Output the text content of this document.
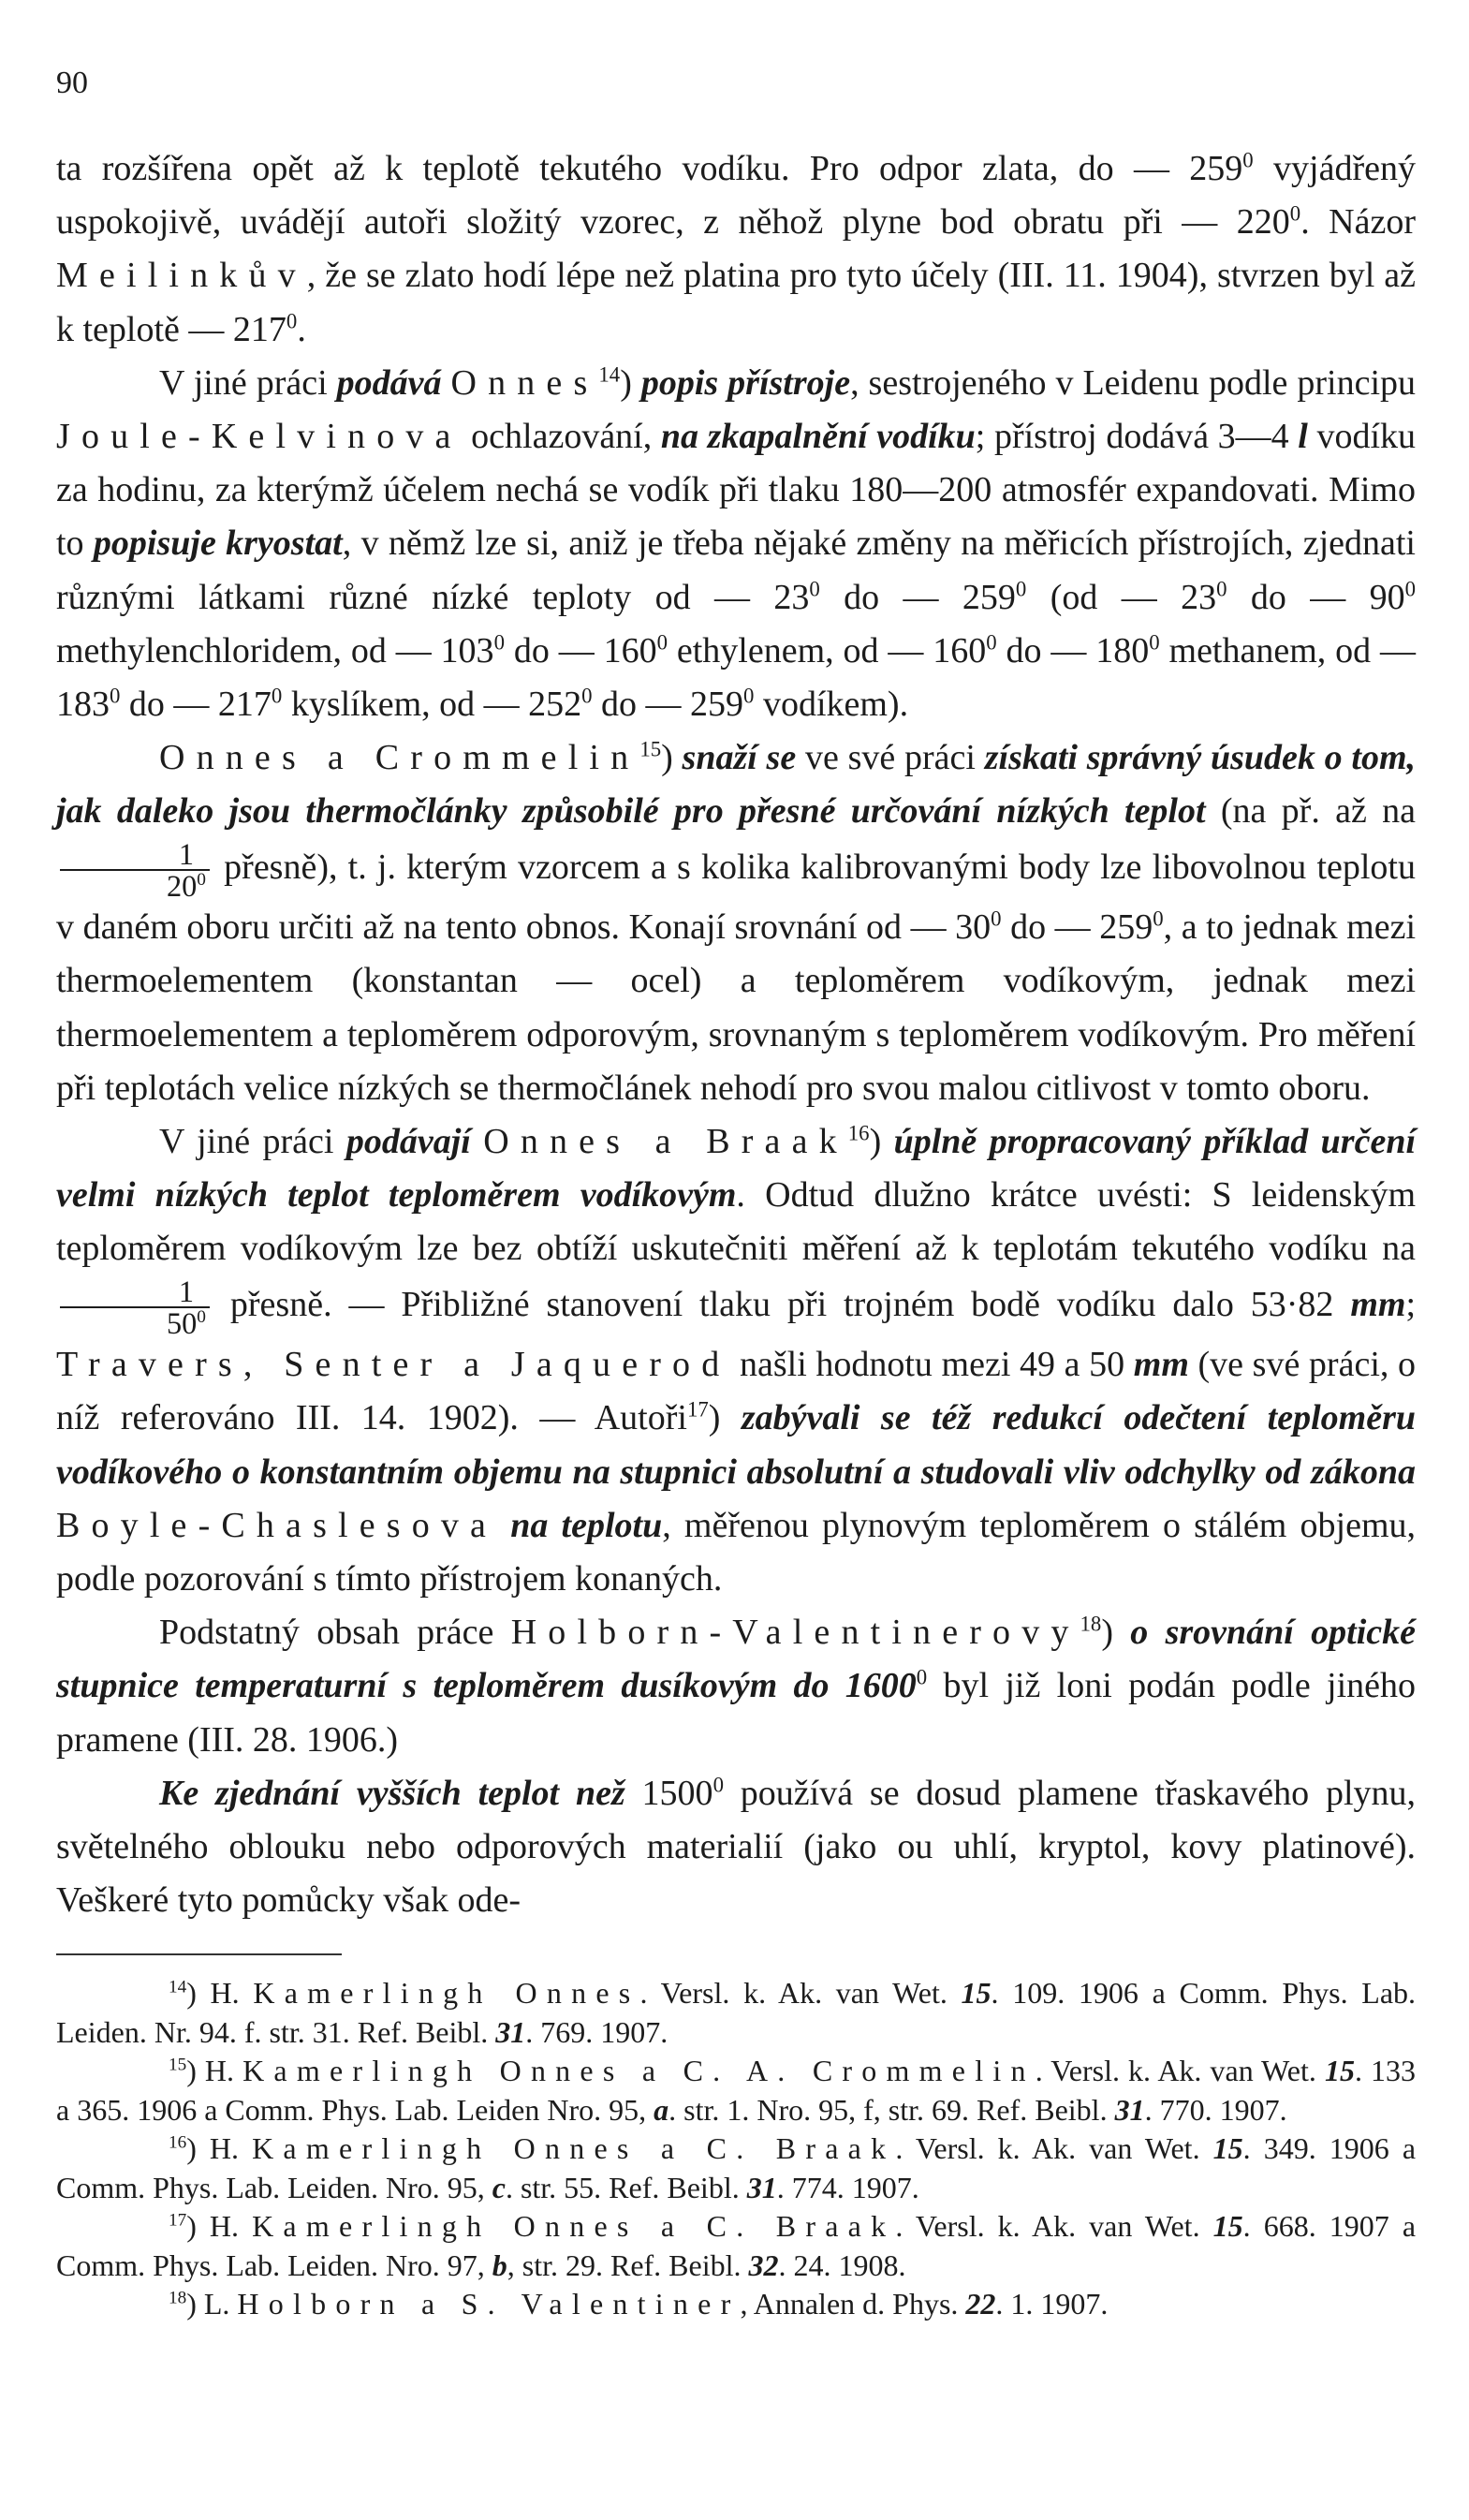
90

ta rozšířena opět až k teplotě tekutého vodíku. Pro odpor zlata, do — $259^0$ vyjádřený uspokojivě, uvádějí autoři složitý vzorec, z něhož plyne bod obratu při — $220^0$. Názor Meilinkův, že se zlato hodí lépe než platina pro tyto účely (III. 11. 1904), stvrzen byl až k teplotě — $217^0$.

V jiné práci podává Onnes$^{14}$) popis přístroje, sestrojeného v Leidenu podle principu Joule-Kelvinova ochlazování, na zkapalnění vodíku; přístroj dodává 3—4 l vodíku za hodinu, za kterýmž účelem nechá se vodík při tlaku 180—200 atmosfér expandovati. Mimo to popisuje kryostat, v němž lze si, aniž je třeba nějaké změny na měřicích přístrojích, zjednati různými látkami různé nízké teploty od — $23^0$ do — $259^0$ (od — $23^0$ do — $90^0$ methylenchloridem, od — $103^0$ do — $160^0$ ethylenem, od — $160^0$ do — $180^0$ methanem, od — $183^0$ do — $217^0$ kyslíkem, od — $252^0$ do — $259^0$ vodíkem).

Onnes a Crommelin$^{15}$) snaží se ve své práci získati správný úsudek o tom, jak daleko jsou thermočlánky způsobilé pro přesné určování nízkých teplot (na př. až na
$\frac{1}{20^0}$ přesně), t. j. kterým vzorcem a s kolika kalibrovanými body lze libovolnou teplotu v daném oboru určiti až na tento obnos. Konají srovnání od — $30^0$ do — $259^0$, a to jednak mezi thermoelementem (konstantan — ocel) a teploměrem vodíkovým, jednak mezi thermoelementem a teploměrem odporovým, srovnaným s teploměrem vodíkovým. Pro měření při teplotách velice nízkých se thermočlánek nehodí pro svou malou citlivost v tomto oboru.

V jiné práci podávají Onnes a Braak$^{16}$) úplně propracovaný příklad určení velmi nízkých teplot teploměrem vodíkovým. Odtud dlužno krátce uvésti: S leidenským teploměrem vodíkovým lze bez obtíží uskutečniti měření až k teplotám tekutého vodíku na
$\frac{1}{50^0}$ přesně. — Přibližné stanovení tlaku při trojném bodě vodíku dalo 53·82 mm; Travers, Senter a Jaquerod našli hodnotu mezi 49 a 50 mm (ve své práci, o níž referováno III. 14. 1902). — Autoři$^{17}$) zabývali se též redukcí odečtení teploměru vodíkového o konstantním objemu na stupnici absolutní a studovali vliv odchylky od zákona Boyle-Chaslesova na teplotu, měřenou plynovým teploměrem o stálém objemu, podle pozorování s tímto přístrojem konaných.

Podstatný obsah práce Holborn-Valentinerovy$^{18}$) o srovnání optické stupnice temperaturní s teploměrem dusíkovým do 1600$^0$ byl již loni podán podle jiného pramene (III. 28. 1906.)

Ke zjednání vyšších teplot než 1500$^0$ používá se dosud plamene třaskavého plynu, světelného oblouku nebo odporových materialií (jako ou uhlí, kryptol, kovy platinové). Veškeré tyto pomůcky však ode-

$^{14}$) H. Kamerlingh Onnes. Versl. k. Ak. van Wet. 15. 109. 1906 a Comm. Phys. Lab. Leiden. Nr. 94. f. str. 31. Ref. Beibl. 31. 769. 1907.

$^{15}$) H. Kamerlingh Onnes a C. A. Crommelin. Versl. k. Ak. van Wet. 15. 133 a 365. 1906 a Comm. Phys. Lab. Leiden Nro. 95, a. str. 1. Nro. 95, f, str. 69. Ref. Beibl. 31. 770. 1907.

$^{16}$) H. Kamerlingh Onnes a C. Braak. Versl. k. Ak. van Wet. 15. 349. 1906 a Comm. Phys. Lab. Leiden. Nro. 95, c. str. 55. Ref. Beibl. 31. 774. 1907.

$^{17}$) H. Kamerlingh Onnes a C. Braak. Versl. k. Ak. van Wet. 15. 668. 1907 a Comm. Phys. Lab. Leiden. Nro. 97, b, str. 29. Ref. Beibl. 32. 24. 1908.

$^{18}$) L. Holborn a S. Valentiner, Annalen d. Phys. 22. 1. 1907.
